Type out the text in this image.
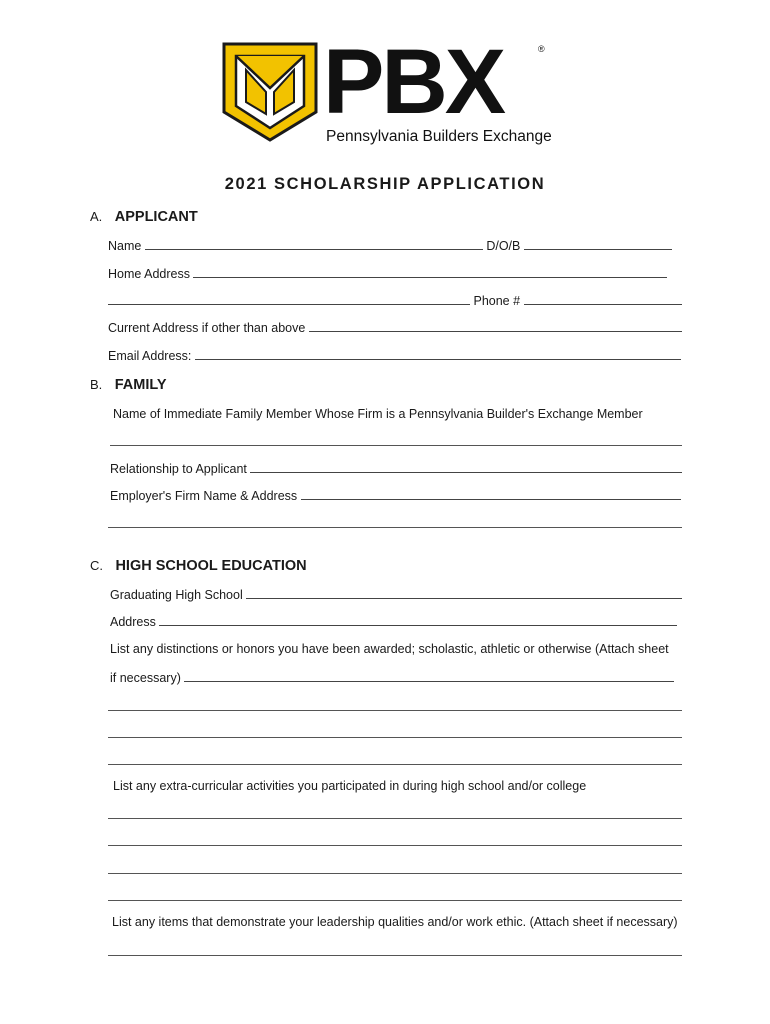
PBX	®
Pennsylvania Builders Exchange
2021 SCHOLARSHIP APPLICATION
A. APPLICANT
Name	D/O/B
Home Address
Phone #
Current Address if other than above
Email Address:
B. FAMILY
Name of Immediate Family Member Whose Firm is a Pennsylvania Builder's Exchange Member
Relationship to Applicant
Employer's Firm Name & Address
C. HIGH SCHOOL EDUCATION
Graduating High School
Address
List any distinctions or honors you have been awarded; scholastic, athletic or otherwise (Attach sheet
if necessary)
List any extra-curricular activities you participated in during high school and/or college
List any items that demonstrate your leadership qualities and/or work ethic. (Attach sheet if necessary)
